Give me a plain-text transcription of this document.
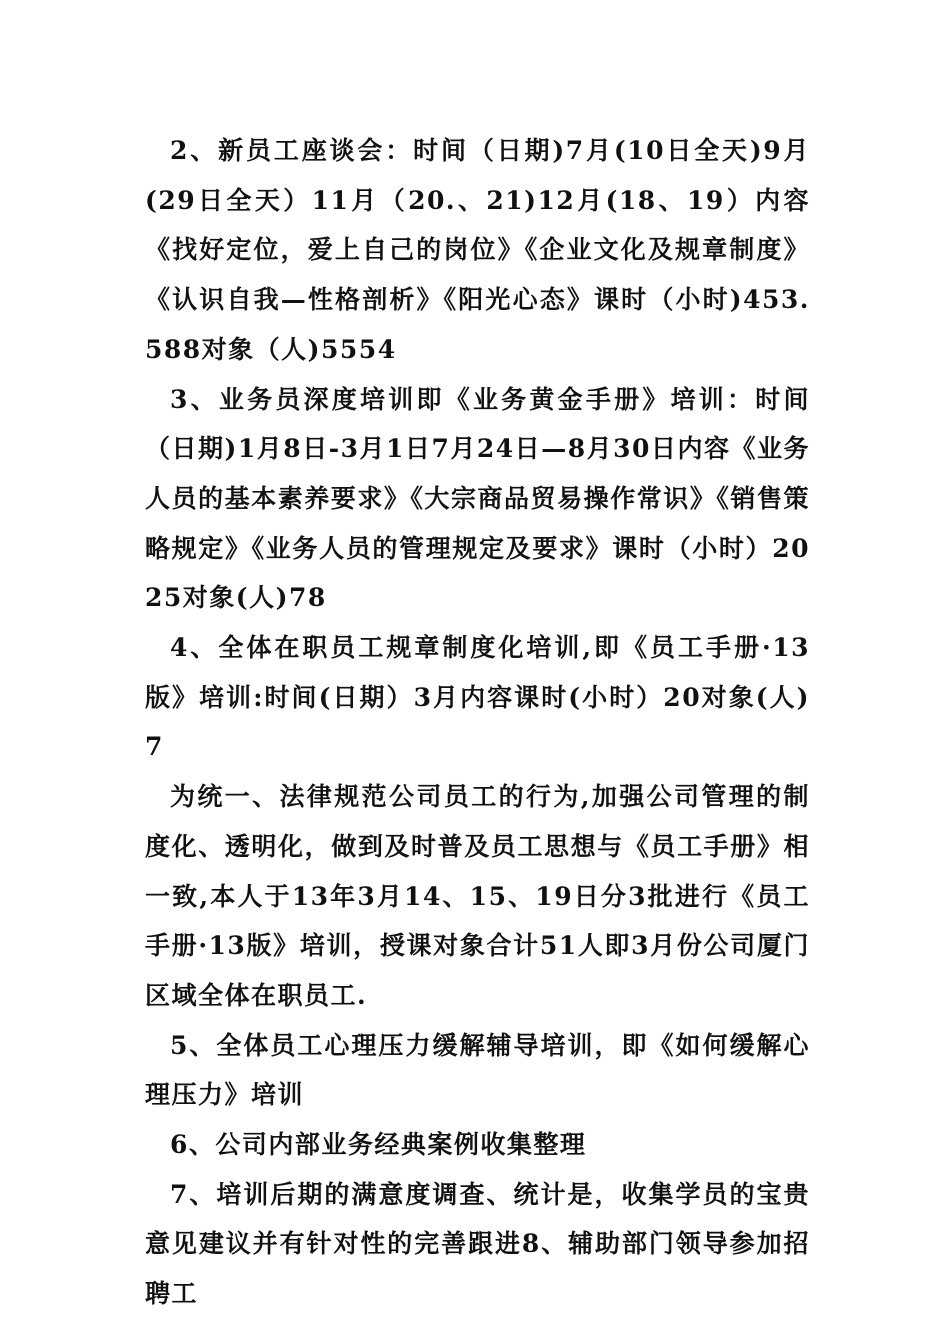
2、新员工座谈会：时间（日期)7月(10日全天)9月(29日全天）11月（20.、21)12月(18、19）内容《找好定位，爱上自己的岗位》《企业文化及规章制度》《认识自我—性格剖析》《阳光心态》课时（小时)453.588对象（人)5554

3、业务员深度培训即《业务黄金手册》培训：时间（日期)1月8日-3月1日7月24日—8月30日内容《业务人员的基本素养要求》《大宗商品贸易操作常识》《销售策略规定》《业务人员的管理规定及要求》课时（小时）2025对象(人)78

4、全体在职员工规章制度化培训,即《员工手册·13版》培训:时间(日期）3月内容课时(小时）20对象(人)7

为统一、法律规范公司员工的行为,加强公司管理的制度化、透明化，做到及时普及员工思想与《员工手册》相一致,本人于13年3月14、15、19日分3批进行《员工手册·13版》培训，授课对象合计51人即3月份公司厦门区域全体在职员工.

5、全体员工心理压力缓解辅导培训，即《如何缓解心理压力》培训

6、公司内部业务经典案例收集整理

7、培训后期的满意度调查、统计是，收集学员的宝贵意见建议并有针对性的完善跟进8、辅助部门领导参加招聘工
